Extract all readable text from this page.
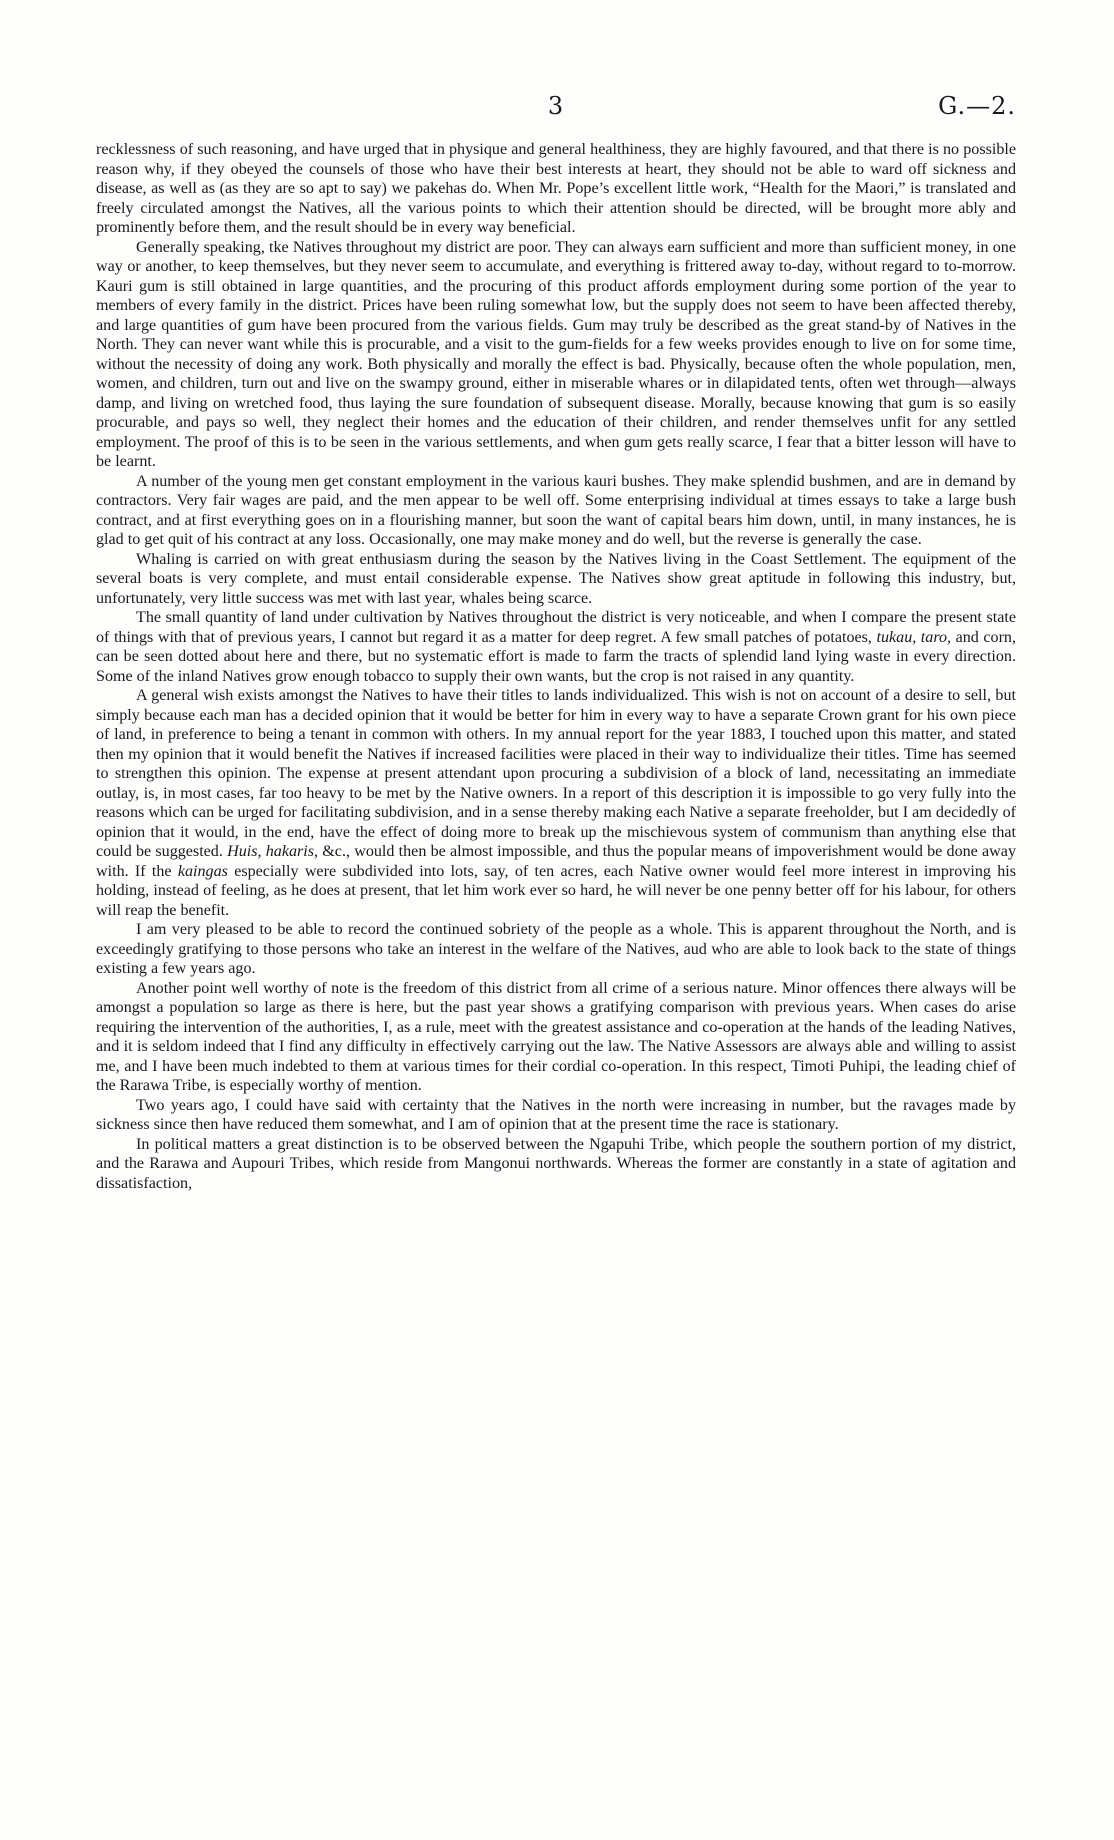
3	G.—2.

recklessness of such reasoning, and have urged that in physique and general healthiness, they are highly favoured, and that there is no possible reason why, if they obeyed the counsels of those who have their best interests at heart, they should not be able to ward off sickness and disease, as well as (as they are so apt to say) we pakehas do. When Mr. Pope’s excellent little work, “Health for the Maori,” is translated and freely circulated amongst the Natives, all the various points to which their attention should be directed, will be brought more ably and prominently before them, and the result should be in every way beneficial.

Generally speaking, tke Natives throughout my district are poor. They can always earn sufficient and more than sufficient money, in one way or another, to keep themselves, but they never seem to accumulate, and everything is frittered away to-day, without regard to to-morrow. Kauri gum is still obtained in large quantities, and the procuring of this product affords employment during some portion of the year to members of every family in the district. Prices have been ruling somewhat low, but the supply does not seem to have been affected thereby, and large quantities of gum have been procured from the various fields. Gum may truly be described as the great stand-by of Natives in the North. They can never want while this is procurable, and a visit to the gum-fields for a few weeks provides enough to live on for some time, without the necessity of doing any work. Both physically and morally the effect is bad. Physically, because often the whole population, men, women, and children, turn out and live on the swampy ground, either in miserable whares or in dilapidated tents, often wet through—always damp, and living on wretched food, thus laying the sure foundation of subsequent disease. Morally, because knowing that gum is so easily procurable, and pays so well, they neglect their homes and the education of their children, and render themselves unfit for any settled employment. The proof of this is to be seen in the various settlements, and when gum gets really scarce, I fear that a bitter lesson will have to be learnt.

A number of the young men get constant employment in the various kauri bushes. They make splendid bushmen, and are in demand by contractors. Very fair wages are paid, and the men appear to be well off. Some enterprising individual at times essays to take a large bush contract, and at first everything goes on in a flourishing manner, but soon the want of capital bears him down, until, in many instances, he is glad to get quit of his contract at any loss. Occasionally, one may make money and do well, but the reverse is generally the case.

Whaling is carried on with great enthusiasm during the season by the Natives living in the Coast Settlement. The equipment of the several boats is very complete, and must entail considerable expense. The Natives show great aptitude in following this industry, but, unfortunately, very little success was met with last year, whales being scarce.

The small quantity of land under cultivation by Natives throughout the district is very noticeable, and when I compare the present state of things with that of previous years, I cannot but regard it as a matter for deep regret. A few small patches of potatoes, tukau, taro, and corn, can be seen dotted about here and there, but no systematic effort is made to farm the tracts of splendid land lying waste in every direction. Some of the inland Natives grow enough tobacco to supply their own wants, but the crop is not raised in any quantity.

A general wish exists amongst the Natives to have their titles to lands individualized. This wish is not on account of a desire to sell, but simply because each man has a decided opinion that it would be better for him in every way to have a separate Crown grant for his own piece of land, in preference to being a tenant in common with others. In my annual report for the year 1883, I touched upon this matter, and stated then my opinion that it would benefit the Natives if increased facilities were placed in their way to individualize their titles. Time has seemed to strengthen this opinion. The expense at present attendant upon procuring a subdivision of a block of land, necessitating an immediate outlay, is, in most cases, far too heavy to be met by the Native owners. In a report of this description it is impossible to go very fully into the reasons which can be urged for facilitating subdivision, and in a sense thereby making each Native a separate freeholder, but I am decidedly of opinion that it would, in the end, have the effect of doing more to break up the mischievous system of communism than anything else that could be suggested. Huis, hakaris, &c., would then be almost impossible, and thus the popular means of impoverishment would be done away with. If the kaingas especially were subdivided into lots, say, of ten acres, each Native owner would feel more interest in improving his holding, instead of feeling, as he does at present, that let him work ever so hard, he will never be one penny better off for his labour, for others will reap the benefit.

I am very pleased to be able to record the continued sobriety of the people as a whole. This is apparent throughout the North, and is exceedingly gratifying to those persons who take an interest in the welfare of the Natives, aud who are able to look back to the state of things existing a few years ago.

Another point well worthy of note is the freedom of this district from all crime of a serious nature. Minor offences there always will be amongst a population so large as there is here, but the past year shows a gratifying comparison with previous years. When cases do arise requiring the intervention of the authorities, I, as a rule, meet with the greatest assistance and co-operation at the hands of the leading Natives, and it is seldom indeed that I find any difficulty in effectively carrying out the law. The Native Assessors are always able and willing to assist me, and I have been much indebted to them at various times for their cordial co-operation. In this respect, Timoti Puhipi, the leading chief of the Rarawa Tribe, is especially worthy of mention.

Two years ago, I could have said with certainty that the Natives in the north were increasing in number, but the ravages made by sickness since then have reduced them somewhat, and I am of opinion that at the present time the race is stationary.

In political matters a great distinction is to be observed between the Ngapuhi Tribe, which people the southern portion of my district, and the Rarawa and Aupouri Tribes, which reside from Mangonui northwards. Whereas the former are constantly in a state of agitation and dissatisfaction,
